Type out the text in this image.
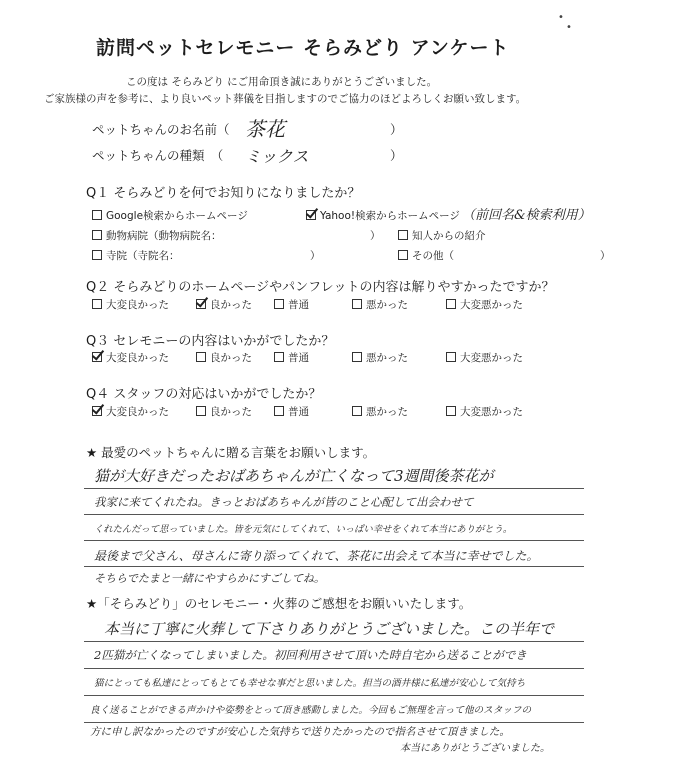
訪問ペットセレモニー そらみどり アンケート
•
•
この度は そらみどり にご用命頂き誠にありがとうございました。
ご家族様の声を参考に、より良いペット葬儀を目指しますのでご協力のほどよろしくお願い致します。
ペットちゃんのお名前（ 茶花	）
ペットちゃんの種類　（ ミックス	）
Q１ そらみどりを何でお知りになりましたか？
Google検索からホームページ	Yahoo!検索からホームページ （前回名&検索利用）
動物病院（動物病院名：	）	知人からの紹介
寺院（寺院名：	）	その他（	）
Q２ そらみどりのホームページやパンフレットの内容は解りやすかったですか？
大変良かった	良かった	普通	悪かった	大変悪かった
Q３ セレモニーの内容はいかがでしたか？
大変良かった	良かった	普通	悪かった	大変悪かった
Q４ スタッフの対応はいかがでしたか？
大変良かった	良かった	普通	悪かった	大変悪かった
★ 最愛のペットちゃんに贈る言葉をお願いします。
猫が大好きだったおばあちゃんが亡くなって3週間後茶花が
我家に来てくれたね。きっとおばあちゃんが皆のこと心配して出会わせて
くれたんだって思っていました。皆を元気にしてくれて、いっぱい幸せをくれて本当にありがとう。
最後まで父さん、母さんに寄り添ってくれて、茶花に出会えて本当に幸せでした。
そちらでたまと一緒にやすらかにすごしてね。
★「そらみどり」のセレモニー・火葬のご感想をお願いいたします。
本当に丁寧に火葬して下さりありがとうございました。この半年で
2匹猫が亡くなってしまいました。初回利用させて頂いた時自宅から送ることができ
猫にとっても私達にとってもとても幸せな事だと思いました。担当の酒井様に私達が安心して気持ち
良く送ることができる声かけや姿勢をとって頂き感動しました。今回もご無理を言って他のスタッフの
方に申し訳なかったのですが安心した気持ちで送りたかったので指名させて頂きました。
本当にありがとうございました。
